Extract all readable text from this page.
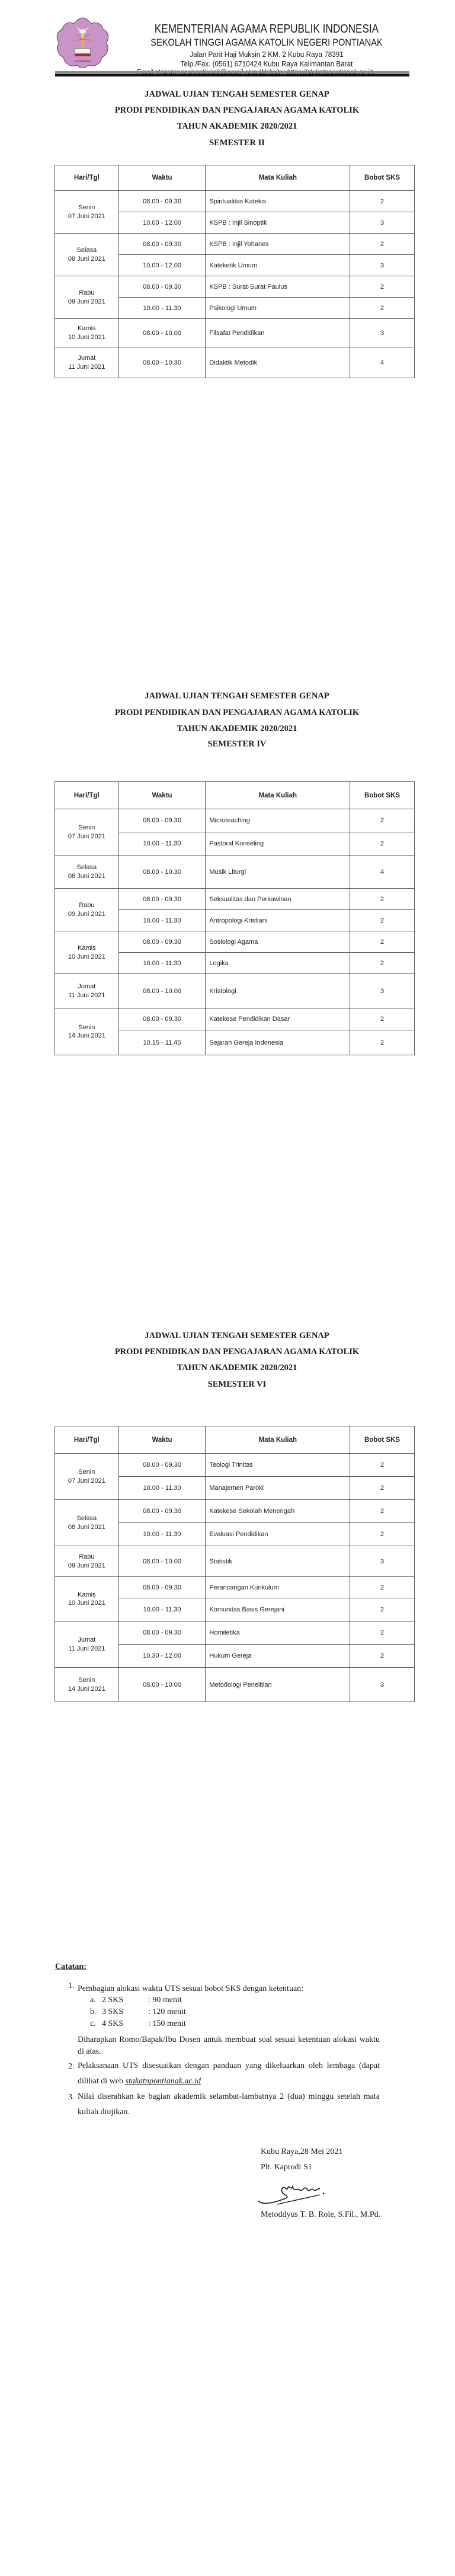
PONTIANAK
KEMENTERIAN AGAMA REPUBLIK INDONESIA
SEKOLAH TINGGI AGAMA KATOLIK NEGERI PONTIANAK
Jalan Parit Haji Muksin 2 KM. 2 Kubu Raya 78391
Telp./Fax. (0561) 6710424 Kubu Raya Kalimantan Barat
JADWAL UJIAN TENGAH SEMESTER GENAP
PRODI PENDIDIKAN DAN PENGAJARAN AGAMA KATOLIK
TAHUN AKADEMIK 2020/2021
SEMESTER II
Hari/Tgl	Waktu	Mata Kuliah	Bobot SKS

Senin
07 Juni 2021	08.00 - 09.30	Spiritualitas Katekis	2
	10.00 - 12.00	KSPB : Injil Sinoptik	3

Selasa
08 Juni 2021	08.00 - 09.30	KSPB : Injil Yohanes	2
	10.00 - 12.00	Kateketik Umum	3

Rabu
09 Juni 2021	08.00 - 09.30	KSPB : Surat-Surat Paulus	2
	10.00 - 11.30	Psikologi Umum	2

Kamis
10 Juni 2021	08.00 - 10.00	Filsafat Pendidikan	3

Jumat
11 Juni 2021	08.00 - 10.30	Didaktik Metodik	4
JADWAL UJIAN TENGAH SEMESTER GENAP
PRODI PENDIDIKAN DAN PENGAJARAN AGAMA KATOLIK
TAHUN AKADEMIK 2020/2021
SEMESTER IV
Hari/Tgl	Waktu	Mata Kuliah	Bobot SKS

Senin
07 Juni 2021	08.00 - 09.30	Microteaching	2
	10.00 - 11.30	Pastoral Konseling	2

Selasa
08 Juni 2021	08.00 - 10.30	Musik Liturgi	4

Rabu
09 Juni 2021	08.00 - 09.30	Seksualitas dan Perkawinan	2
	10.00 - 11.30	Antropologi Kristiani	2

Kamis
10 Juni 2021	08.00 - 09.30	Sosiologi Agama	2
	10.00 - 11.30	Logika	2

Jumat
11 Juni 2021	08.00 - 10.00	Kristologi	3

Senin
14 Juni 2021	08.00 - 09.30	Katekese Pendidikan Dasar	2
	10.15 - 11.45	Sejarah Gereja Indonesia	2
JADWAL UJIAN TENGAH SEMESTER GENAP
PRODI PENDIDIKAN DAN PENGAJARAN AGAMA KATOLIK
TAHUN AKADEMIK 2020/2021
SEMESTER VI
Hari/Tgl	Waktu	Mata Kuliah	Bobot SKS

Senin
07 Juni 2021	08.00 - 09.30	Teologi Trinitas	2
	10.00 - 11.30	Manajemen Paroki	2

Selasa
08 Juni 2021	08.00 - 09.30	Katekese Sekolah Menengah	2
	10.00 - 11.30	Evaluasi Pendidikan	2

Rabu
09 Juni 2021	08.00 - 10.00	Statistik	3

Kamis
10 Juni 2021	08.00 - 09.30	Perancangan Kurikulum	2
	10.00 - 11.30	Komunitas Basis Gerejani	2

Jumat
11 Juni 2021	08.00 - 09.30	Homiletika	2
	10.30 - 12.00	Hukum Gereja	2

Senin
14 Juni 2021	08.00 - 10.00	Metodologi Penelitian	3
Catatan:
1. Pembagian alokasi waktu UTS sesuai bobot SKS dengan ketentuan:
a. 2 SKS	: 90 menit
b. 3 SKS	: 120 menit
c. 4 SKS	: 150 menit
Diharapkan Romo/Bapak/Ibu Dosen untuk membuat soal sesuai ketentuan alokasi waktu di atas.
2. Pelaksanaan UTS disesuaikan dengan panduan yang dikeluarkan oleh lembaga (dapat dilihat di web stakatnpontianak.ac.id
3. Nilai diserahkan ke bagian akademik selambat-lambatnya 2 (dua) minggu setelah mata kuliah diujikan.
Kubu Raya,28 Mei 2021
Plt. Kaprodi S1
Metoddyus T. B. Role, S.Fil., M.Pd.
